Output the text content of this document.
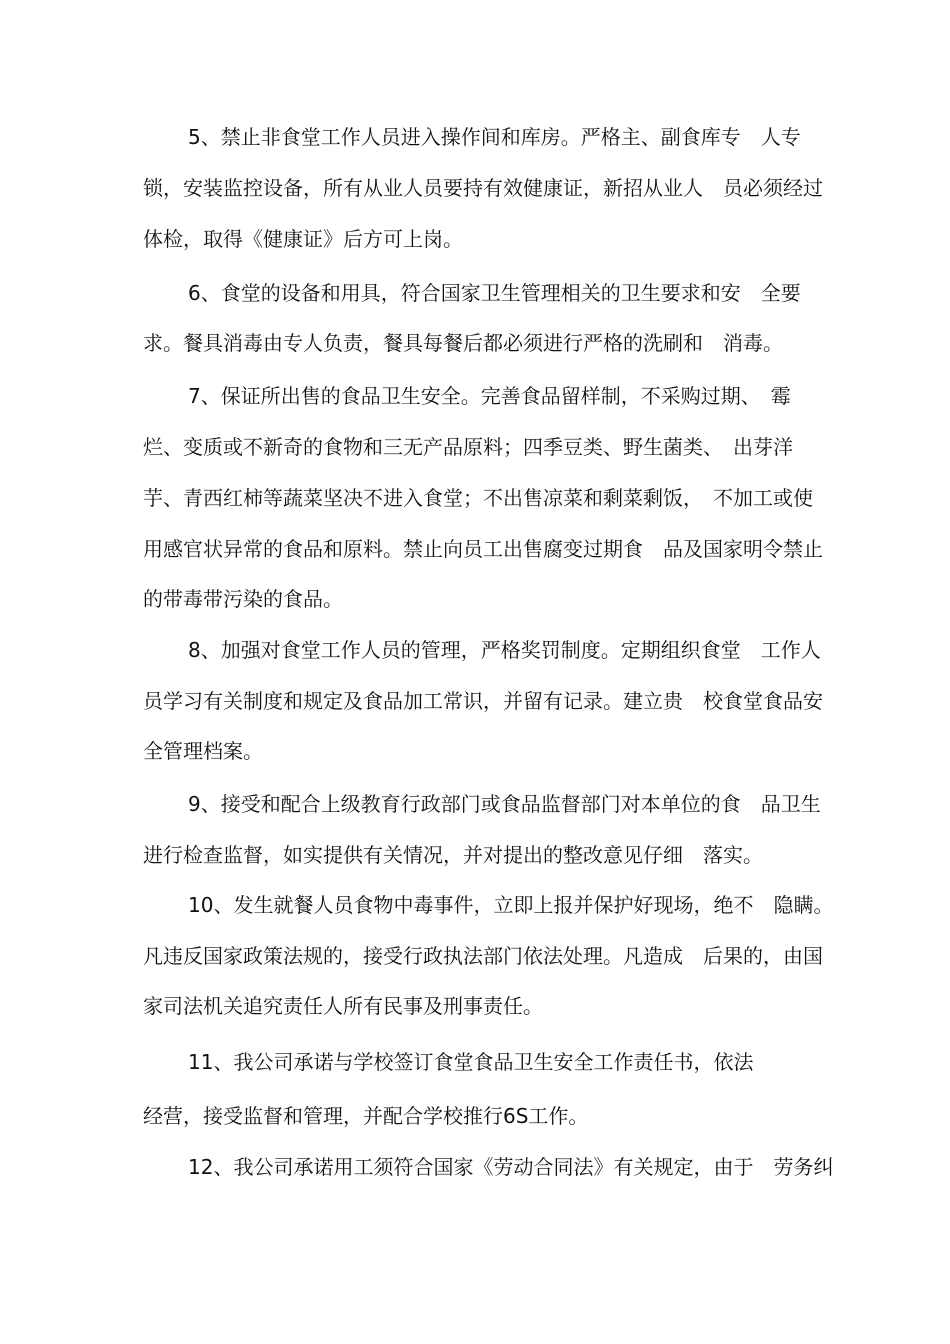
5、禁止非食堂工作人员进入操作间和库房。严格主、副食库专　人专
锁，安装监控设备，所有从业人员要持有效健康证，新招从业人　员必须经过
体检，取得《健康证》后方可上岗。
6、食堂的设备和用具，符合国家卫生管理相关的卫生要求和安　全要
求。餐具消毒由专人负责，餐具每餐后都必须进行严格的洗刷和　消毒。
7、保证所出售的食品卫生安全。完善食品留样制，不采购过期、　霉
烂、变质或不新奇的食物和三无产品原料；四季豆类、野生菌类、　出芽洋
芋、青西红柿等蔬菜坚决不进入食堂；不出售凉菜和剩菜剩饭，　不加工或使
用感官状异常的食品和原料。禁止向员工出售腐变过期食　品及国家明令禁止
的带毒带污染的食品。
8、加强对食堂工作人员的管理，严格奖罚制度。定期组织食堂　工作人
员学习有关制度和规定及食品加工常识，并留有记录。建立贵　校食堂食品安
全管理档案。
9、接受和配合上级教育行政部门或食品监督部门对本单位的食　品卫生
进行检查监督，如实提供有关情况，并对提出的整改意见仔细　落实。
10、发生就餐人员食物中毒事件，立即上报并保护好现场，绝不　隐瞒。
凡违反国家政策法规的，接受行政执法部门依法处理。凡造成　后果的，由国
家司法机关追究责任人所有民事及刑事责任。
11、我公司承诺与学校签订食堂食品卫生安全工作责任书，依法
经营，接受监督和管理，并配合学校推行6S工作。
12、我公司承诺用工须符合国家《劳动合同法》有关规定，由于　劳务纠
